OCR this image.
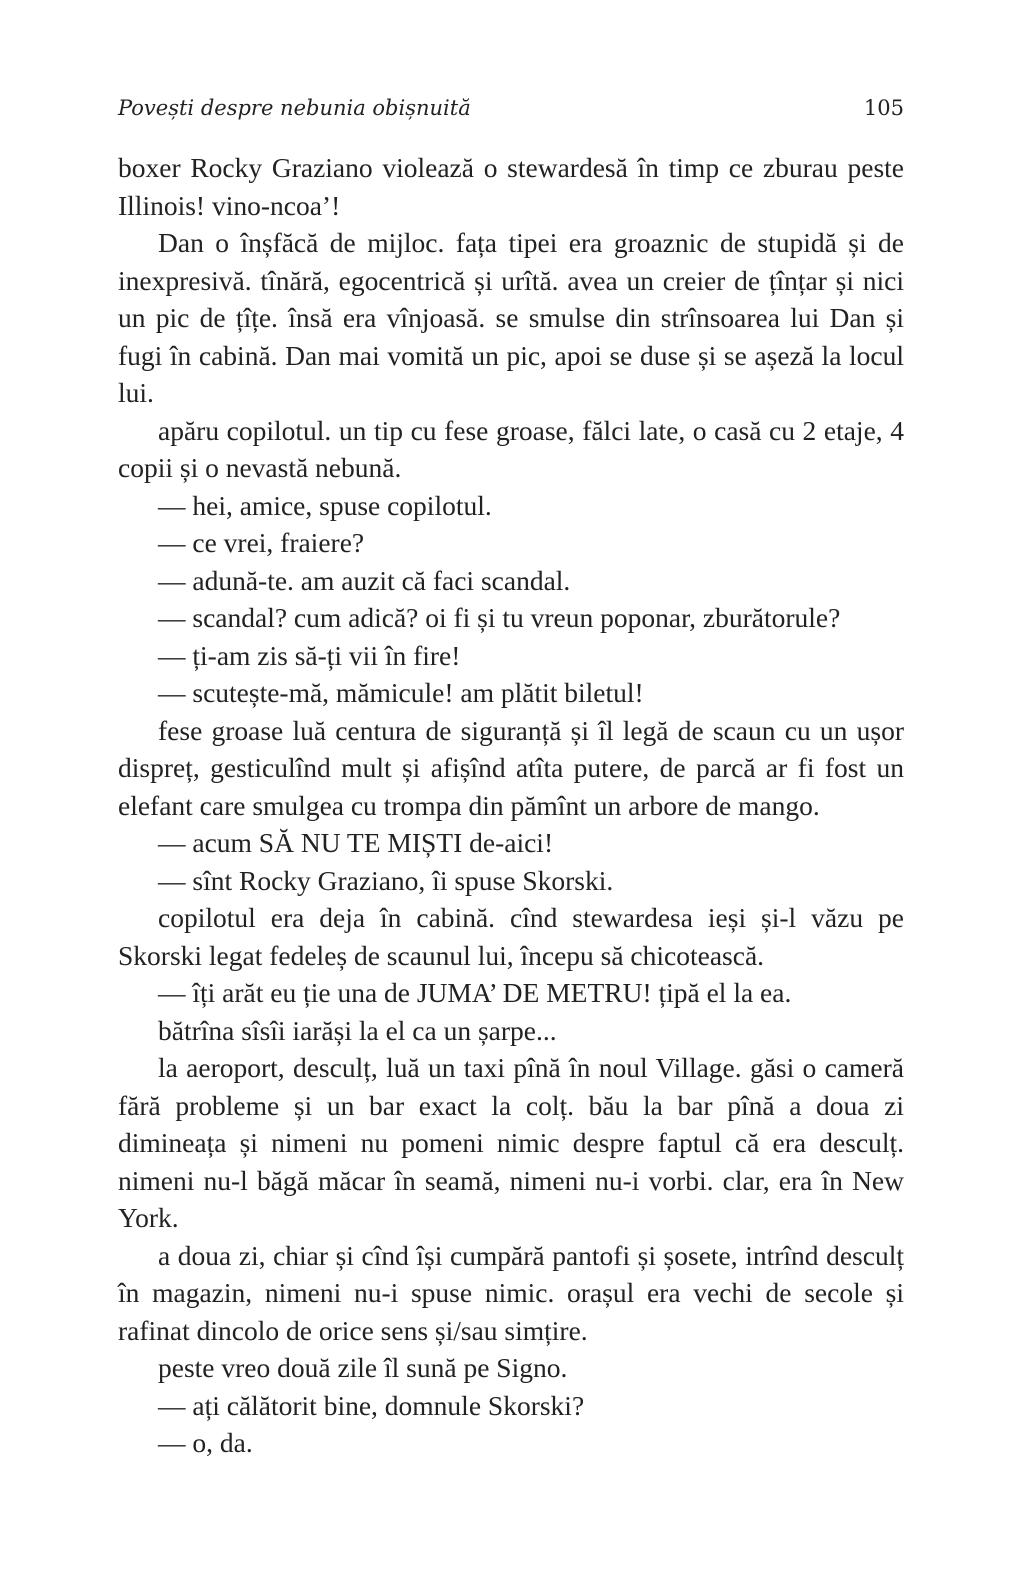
Povești despre nebunia obișnuită	105

boxer Rocky Graziano violează o stewardesă în timp ce zburau peste Illinois! vino-ncoa’!

Dan o înșfăcă de mijloc. fața tipei era groaznic de stupidă și de inexpresivă. tînără, egocentrică și urîtă. avea un creier de țînțar și nici un pic de țîțe. însă era vînjoasă. se smulse din strînsoarea lui Dan și fugi în cabină. Dan mai vomită un pic, apoi se duse și se așeză la locul lui.

apăru copilotul. un tip cu fese groase, fălci late, o casă cu 2 etaje, 4 copii și o nevastă nebună.

— hei, amice, spuse copilotul.

— ce vrei, fraiere?

— adună-te. am auzit că faci scandal.

— scandal? cum adică? oi fi și tu vreun poponar, zburătorule?

— ți-am zis să-ți vii în fire!

— scutește-mă, mămicule! am plătit biletul!

fese groase luă centura de siguranță și îl legă de scaun cu un ușor dispreț, gesticulînd mult și afișînd atîta putere, de parcă ar fi fost un elefant care smulgea cu trompa din pămînt un arbore de mango.

— acum SĂ NU TE MIȘTI de-aici!

— sînt Rocky Graziano, îi spuse Skorski.

copilotul era deja în cabină. cînd stewardesa ieși și-l văzu pe Skorski legat fedeleș de scaunul lui, începu să chicotească.

— îți arăt eu ție una de JUMA’ DE METRU! țipă el la ea.

bătrîna sîsîi iarăși la el ca un șarpe...

la aeroport, desculț, luă un taxi pînă în noul Village. găsi o cameră fără probleme și un bar exact la colț. bău la bar pînă a doua zi dimineața și nimeni nu pomeni nimic despre faptul că era desculț. nimeni nu-l băgă măcar în seamă, nimeni nu-i vorbi. clar, era în New York.

a doua zi, chiar și cînd își cumpără pantofi și șosete, intrînd desculț în magazin, nimeni nu-i spuse nimic. orașul era vechi de secole și rafinat dincolo de orice sens și/sau simțire.

peste vreo două zile îl sună pe Signo.

— ați călătorit bine, domnule Skorski?

— o, da.
